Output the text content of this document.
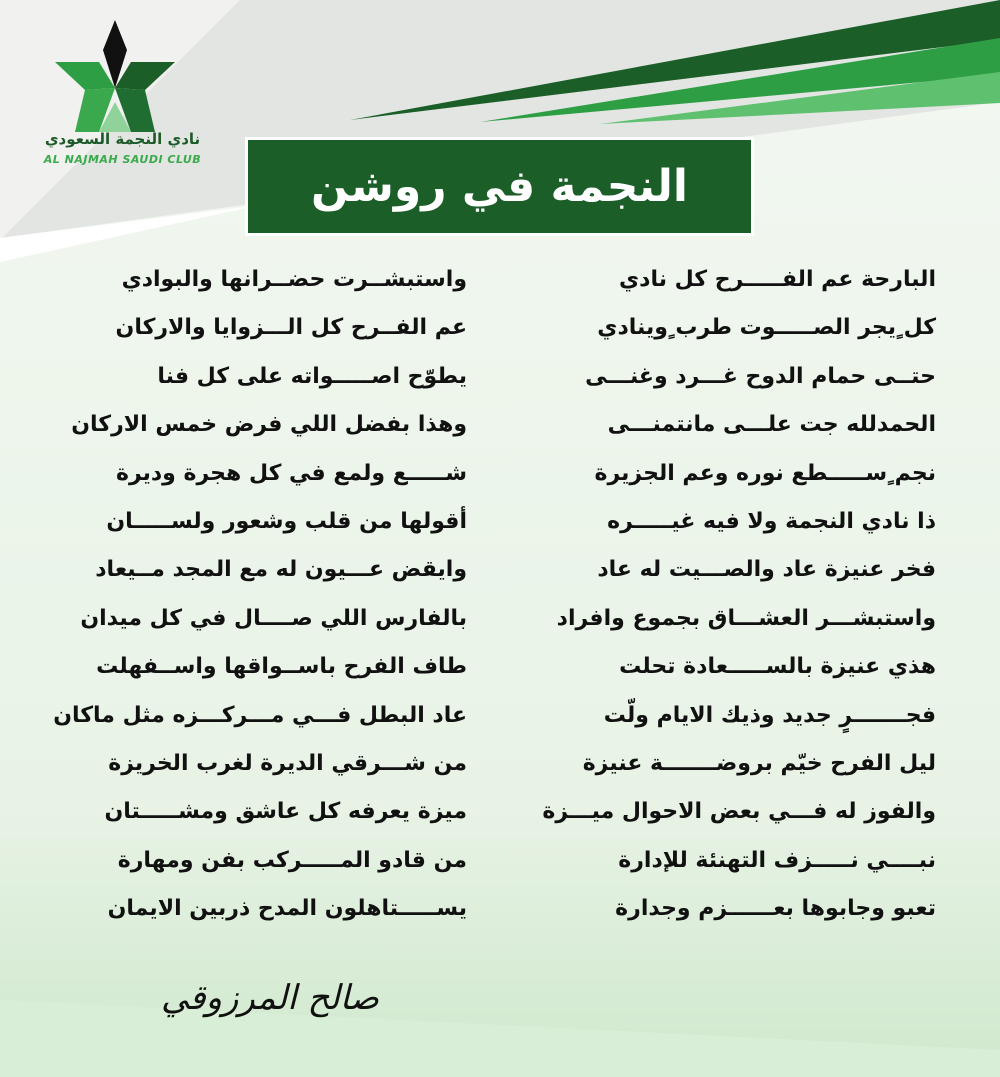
نادي النجمة السعودي
AL NAJMAH SAUDI CLUB
النجمة في روشن
البارحة عم الفـــــرح كل نادي
كل ٍيجر الصـــــوت طرب ٍوينادي
حتــى حمام الدوح غـــرد وغنـــى
الحمدلله جت علـــى مانتمنـــى
نجم ٍســـــطع نوره وعم الجزيرة
ذا نادي النجمة ولا فيه غيـــــره
فخر عنيزة عاد والصـــيت له عاد
واستبشـــر العشـــاق بجموع وافراد
هذي عنيزة بالســـــعادة تحلت
فجـــــــرٍ جديد وذيك الايام ولّت
ليل الفرح خيّم بروضـــــــة عنيزة
والفوز له فـــي بعض الاحوال ميـــزة
نبــــي نـــــزف التهنئة للإدارة
تعبو وجابوها بعــــــزم وجدارة
واستبشــرت حضــرانها والبوادي
عم الفــرح كل الـــزوايا والاركان
يطوّح اصـــــواته على كل فنا
وهذا بفضل اللي فرض خمس الاركان
شـــــع ولمع في كل هجرة وديرة
أقولها من قلب وشعور ولســـــان
وايقض عـــيون له مع المجد مــيعاد
بالفارس اللي صــــال في كل ميدان
طاف الفرح باســواقها واســفهلت
عاد البطل فـــي مـــركـــزه مثل ماكان
من شـــرقي الديرة لغرب الخريزة
ميزة يعرفه كل عاشق ومشـــــتان
من قادو المـــــركب بفن ومهارة
يســـــتاهلون المدح ذربين الايمان
صالح المرزوقي
